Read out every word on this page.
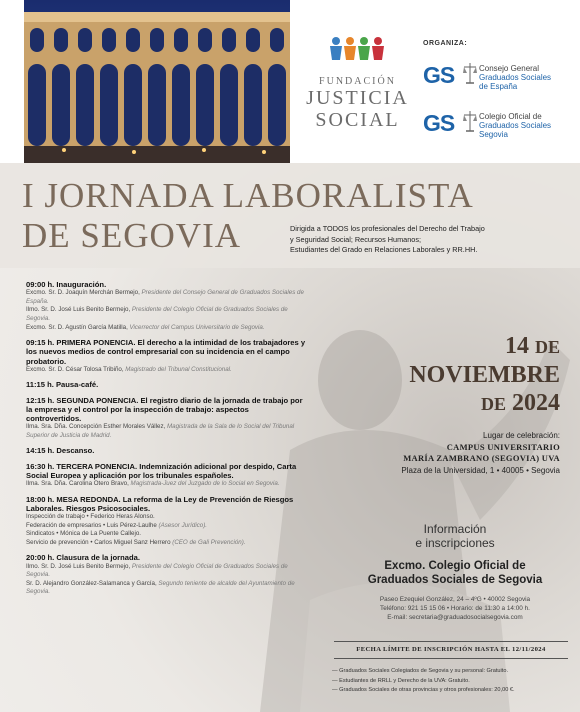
FUNDACIÓN
JUSTICIA
SOCIAL
ORGANIZA:
GS	Consejo General
Graduados Sociales
de España
GS	Colegio Oficial de
Graduados Sociales
Segovia
I JORNADA LABORALISTA
DE SEGOVIA	Dirigida a TODOS los profesionales del Derecho del Trabajo
y Seguridad Social; Recursos Humanos;
Estudiantes del Grado en Relaciones Laborales y RR.HH.
09:00 h. Inauguración.
Excmo. Sr. D. Joaquín Merchán Bermejo, Presidente del Consejo General de Graduados Sociales de España.
Ilmo. Sr. D. José Luis Benito Bermejo, Presidente del Colegio Oficial de Graduados Sociales de Segovia.
Excmo. Sr. D. Agustín García Matilla, Vicerrector del Campus Universitario de Segovia.
09:15 h. PRIMERA PONENCIA. El derecho a la intimidad de los trabajadores y los nuevos medios de control empresarial con su incidencia en el campo probatorio.
Excmo. Sr. D. César Tolosa Tribiño, Magistrado del Tribunal Constitucional.
11:15 h. Pausa-café.
12:15 h. SEGUNDA PONENCIA. El registro diario de la jornada de trabajo por la empresa y el control por la inspección de trabajo: aspectos controvertidos.
Ilma. Sra. Dña. Concepción Esther Morales Vállez, Magistrada de la Sala de lo Social del Tribunal Superior de Justicia de Madrid.
14:15 h. Descanso.
16:30 h. TERCERA PONENCIA. Indemnización adicional por despido, Carta Social Europea y aplicación por los tribunales españoles.
Ilma. Sra. Dña. Carolina Otero Bravo, Magistrada-Juez del Juzgado de lo Social en Segovia.
18:00 h. MESA REDONDA. La reforma de la Ley de Prevención de Riesgos Laborales. Riesgos Psicosociales.
Inspección de trabajo • Federico Heras Alonso.
Federación de empresarios • Luis Pérez-Laulhe (Asesor Jurídico).
Sindicatos • Mónica de La Puente Callejo.
Servicio de prevención • Carlos Miguel Sanz Herrero (CEO de Gali Prevención).
20:00 h. Clausura de la jornada.
Ilmo. Sr. D. José Luis Benito Bermejo, Presidente del Colegio Oficial de Graduados Sociales de Segovia.
Sr. D. Alejandro González-Salamanca y García, Segundo teniente de alcalde del Ayuntamiento de Segovia.
14 DE
NOVIEMBRE
DE 2024
Lugar de celebración:
CAMPUS UNIVERSITARIO
MARÍA ZAMBRANO (SEGOVIA) UVA
Plaza de la Universidad, 1 • 40005 • Segovia
Información
e inscripciones
Excmo. Colegio Oficial de
Graduados Sociales de Segovia
Paseo Ezequiel González, 24 – 4ºG • 40002 Segovia
Teléfono: 921 15 15 06 • Horario: de 11:30 a 14:00 h.
E-mail: secretaria@graduadosocialsegovia.com
FECHA LÍMITE DE INSCRIPCIÓN HASTA EL 12/11/2024
— Graduados Sociales Colegiados de Segovia y su personal: Gratuito.
— Estudiantes de RRLL y Derecho de la UVA: Gratuito.
— Graduados Sociales de otras provincias y otros profesionales: 20,00 €.
